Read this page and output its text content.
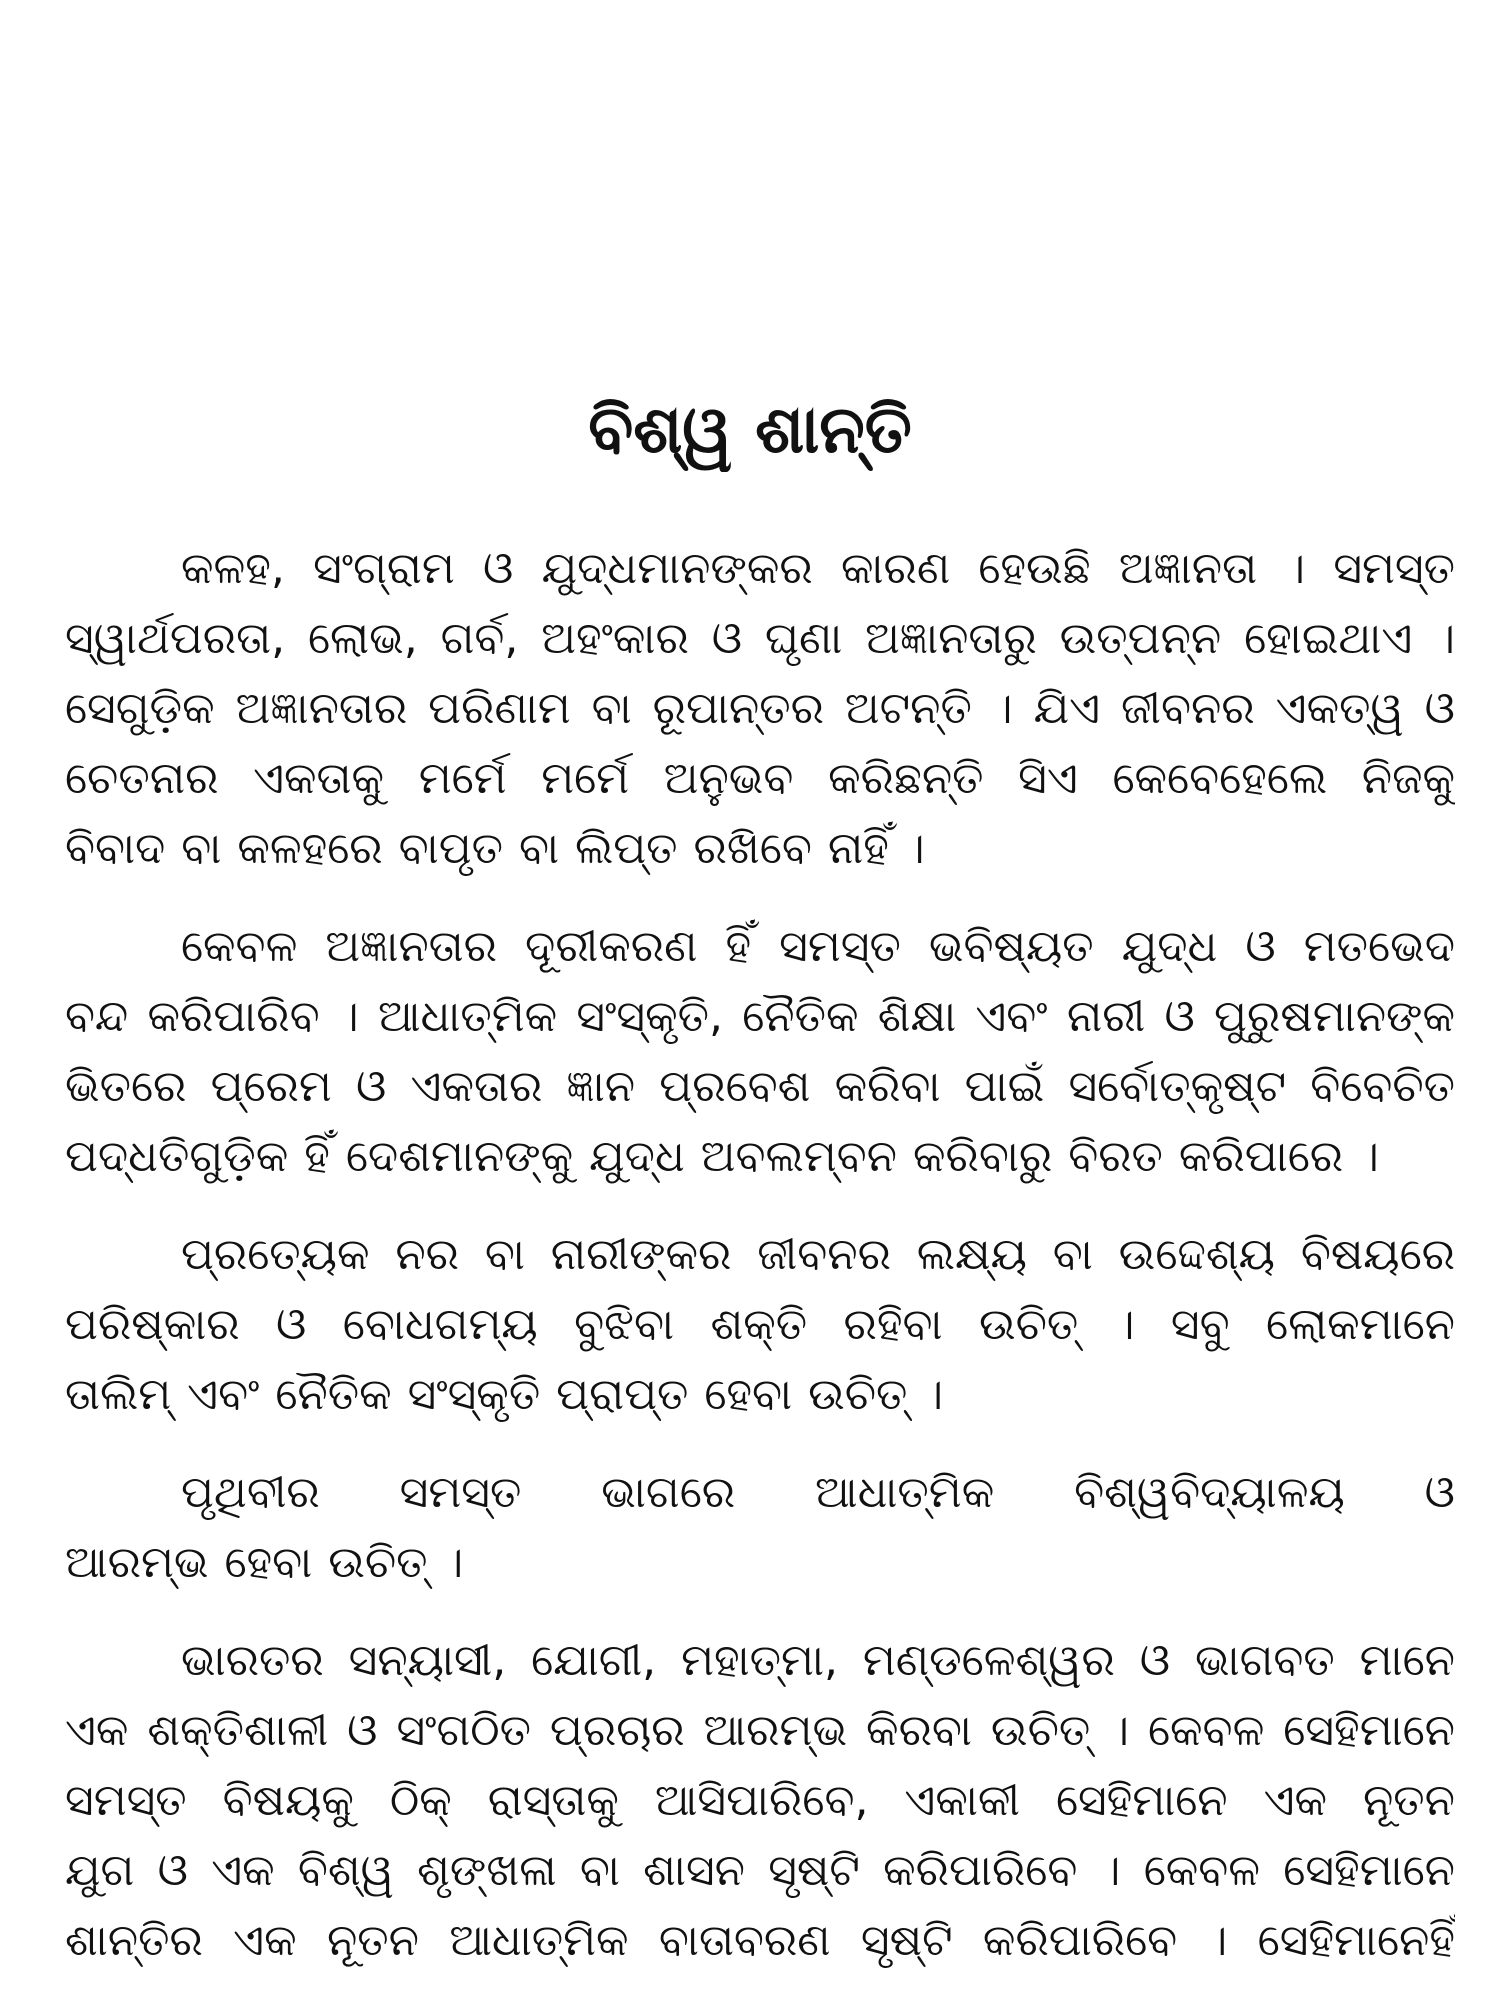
ବିଶ୍ୱ ଶାନ୍ତି
କଳହ, ସଂଗ୍ରାମ ଓ ଯୁଦ୍ଧମାନଙ୍କର କାରଣ ହେଉଛି ଅଜ୍ଞାନତା । ସମସ୍ତ
ସ୍ୱାର୍ଥପରତା, ଲୋଭ, ଗର୍ବ, ଅହଂକାର ଓ ଘୃଣା ଅଜ୍ଞାନତାରୁ ଉତ୍ପନ୍ନ ହୋଇଥାଏ ।
ସେଗୁଡ଼ିକ ଅଜ୍ଞାନତାର ପରିଣାମ ବା ରୂପାନ୍ତର ଅଟନ୍ତି । ଯିଏ ଜୀବନର ଏକତ୍ୱ ଓ
ଚେତନାର ଏକତାକୁ ମର୍ମେ ମର୍ମେ ଅନୁଭବ କରିଛନ୍ତି ସିଏ କେବେହେଲେ ନିଜକୁ
ବିବାଦ ବା କଳହରେ ବାପୃତ ବା ଲିପ୍ତ ରଖିବେ ନାହିଁ ।
କେବଳ ଅଜ୍ଞାନତାର ଦୂରୀକରଣ ହିଁ ସମସ୍ତ ଭବିଷ୍ୟତ ଯୁଦ୍ଧ ଓ ମତଭେଦ
ବନ୍ଦ କରିପାରିବ । ଆଧାତ୍ମିକ ସଂସ୍କୃତି, ନୈତିକ ଶିକ୍ଷା ଏବଂ ନାରୀ ଓ ପୁରୁଷମାନଙ୍କ
ଭିତରେ ପ୍ରେମ ଓ ଏକତାର ଜ୍ଞାନ ପ୍ରବେଶ କରିବା ପାଇଁ ସର୍ବୋତ୍କୃଷ୍ଟ ବିବେଚିତ
ପଦ୍ଧତିଗୁଡ଼ିକ ହିଁ ଦେଶମାନଙ୍କୁ ଯୁଦ୍ଧ ଅବଲମ୍ବନ କରିବାରୁ ବିରତ କରିପାରେ ।
ପ୍ରତ୍ୟେକ ନର ବା ନାରୀଙ୍କର ଜୀବନର ଲକ୍ଷ୍ୟ ବା ଉଦ୍ଦେଶ୍ୟ ବିଷୟରେ
ପରିଷ୍କାର ଓ ବୋଧଗମ୍ୟ ବୁଝିବା ଶକ୍ତି ରହିବା ଉଚିତ୍ । ସବୁ ଲୋକମାନେ
ତାଲିମ୍ ଏବଂ ନୈତିକ ସଂସ୍କୃତି ପ୍ରାପ୍ତ ହେବା ଉଚିତ୍ ।
ପୃଥିବୀର ସମସ୍ତ ଭାଗରେ ଆଧାତ୍ମିକ ବିଶ୍ୱବିଦ୍ୟାଳୟ ଓ
ଆରମ୍ଭ ହେବା ଉଚିତ୍ ।
ଭାରତର ସନ୍ୟାସୀ, ଯୋଗୀ, ମହାତ୍ମା, ମଣ୍ଡଳେଶ୍ୱର ଓ ଭାଗବତ ମାନେ
ଏକ ଶକ୍ତିଶାଳୀ ଓ ସଂଗଠିତ ପ୍ରଚାର ଆରମ୍ଭ କିରବା ଉଚିତ୍ । କେବଳ ସେହିମାନେ
ସମସ୍ତ ବିଷୟକୁ ଠିକ୍ ରାସ୍ତାକୁ ଆସିପାରିବେ, ଏକାକୀ ସେହିମାନେ ଏକ ନୂତନ
ଯୁଗ ଓ ଏକ ବିଶ୍ୱ ଶୃଙ୍ଖଳା ବା ଶାସନ ସୃଷ୍ଟି କରିପାରିବେ । କେବଳ ସେହିମାନେ
ଶାନ୍ତିର ଏକ ନୂତନ ଆଧାତ୍ମିକ ବାତାବରଣ ସୃଷ୍ଟି କରିପାରିବେ । ସେହିମାନେହିଁ
